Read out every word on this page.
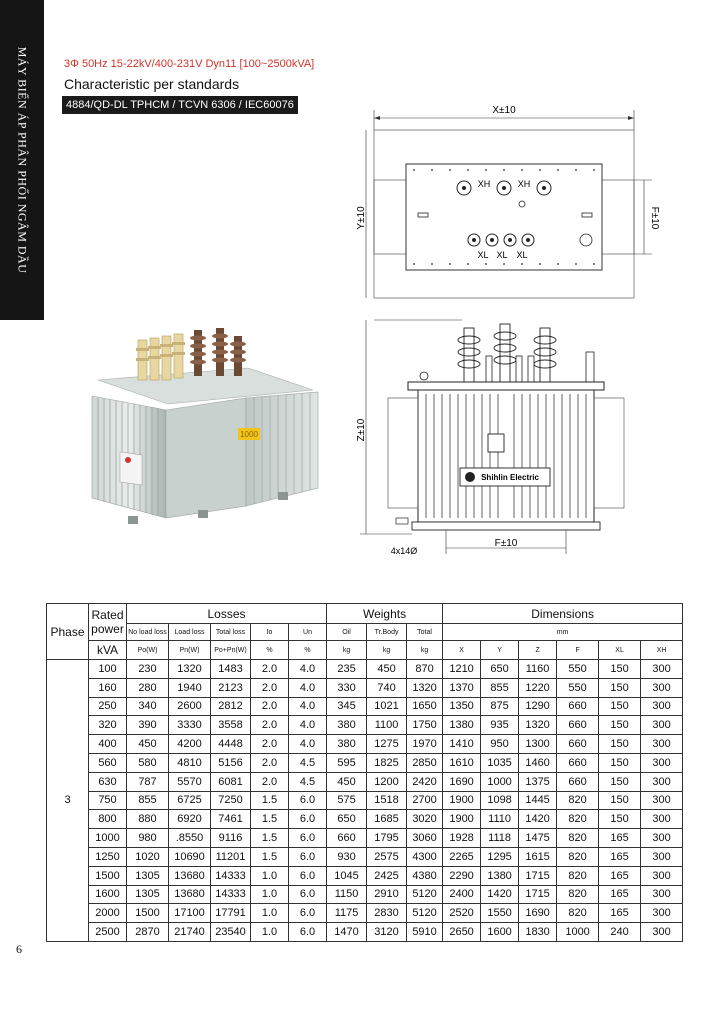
MÁY BIẾN ÁP PHÂN PHỐI NGÂM DẦU	3Φ 50Hz 15-22kV/400-231V Dyn11 [100~2500kVA]
Characteristic per standards
4884/QD-DL TPHCM / TCVN 6306 / IEC60076
1000
X±10
XH	XH
XL XL XL
Y±10	F±10
Z±10
Shihlin Electric
F±10
4x14Ø
Phase	Rated
power	Losses					Weights			Dimensions					
		No load loss	Load loss	Total loss	Io	Un	Oil	Tr.Body	Total	mm					
	kVA	Po(W)	Pn(W)	Po+Pn(W)	%	%	kg	kg	kg	X	Y	Z	F	XL	XH
3	100	230	1320	1483	2.0	4.0	235	450	870	1210	650	1160	550	150	300
	160	280	1940	2123	2.0	4.0	330	740	1320	1370	855	1220	550	150	300
	250	340	2600	2812	2.0	4.0	345	1021	1650	1350	875	1290	660	150	300
	320	390	3330	3558	2.0	4.0	380	1100	1750	1380	935	1320	660	150	300
	400	450	4200	4448	2.0	4.0	380	1275	1970	1410	950	1300	660	150	300
	560	580	4810	5156	2.0	4.5	595	1825	2850	1610	1035	1460	660	150	300
	630	787	5570	6081	2.0	4.5	450	1200	2420	1690	1000	1375	660	150	300
	750	855	6725	7250	1.5	6.0	575	1518	2700	1900	1098	1445	820	150	300
	800	880	6920	7461	1.5	6.0	650	1685	3020	1900	1110	1420	820	150	300
	1000	980	.8550	9116	1.5	6.0	660	1795	3060	1928	1118	1475	820	165	300
	1250	1020	10690	11201	1.5	6.0	930	2575	4300	2265	1295	1615	820	165	300
	1500	1305	13680	14333	1.0	6.0	1045	2425	4380	2290	1380	1715	820	165	300
	1600	1305	13680	14333	1.0	6.0	1150	2910	5120	2400	1420	1715	820	165	300
	2000	1500	17100	17791	1.0	6.0	1175	2830	5120	2520	1550	1690	820	165	300
	2500	2870	21740	23540	1.0	6.0	1470	3120	5910	2650	1600	1830	1000	240	300
6
